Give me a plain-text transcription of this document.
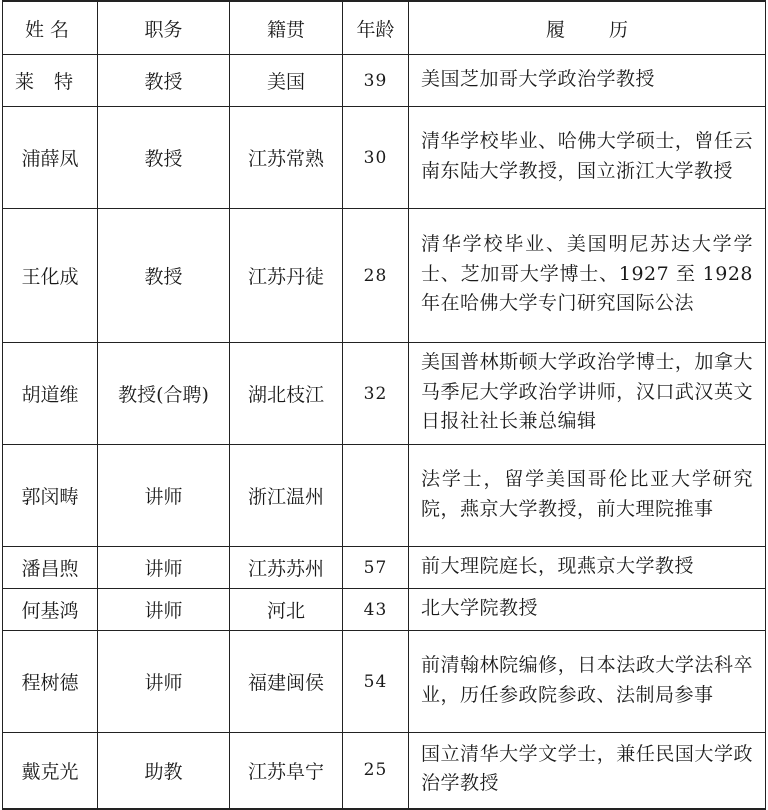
姓名	职务	籍贯	年龄	履 历
莱特	教授	美国	39	美国芝加哥大学政治学教授
浦薛凤	教授	江苏常熟	30	清华学校毕业、哈佛大学硕士，曾任云南东陆大学教授，国立浙江大学教授
王化成	教授	江苏丹徒	28	清华学校毕业、美国明尼苏达大学学士、芝加哥大学博士、1927 至 1928 年在哈佛大学专门研究国际公法
胡道维	教授(合聘)	湖北枝江	32	美国普林斯顿大学政治学博士，加拿大马季尼大学政治学讲师，汉口武汉英文日报社社长兼总编辑
郭闵畴	讲师	浙江温州		法学士，留学美国哥伦比亚大学研究院，燕京大学教授，前大理院推事
潘昌煦	讲师	江苏苏州	57	前大理院庭长，现燕京大学教授
何基鸿	讲师	河北	43	北大学院教授
程树德	讲师	福建闽侯	54	前清翰林院编修，日本法政大学法科卒业，历任参政院参政、法制局参事
戴克光	助教	江苏阜宁	25	国立清华大学文学士，兼任民国大学政治学教授
